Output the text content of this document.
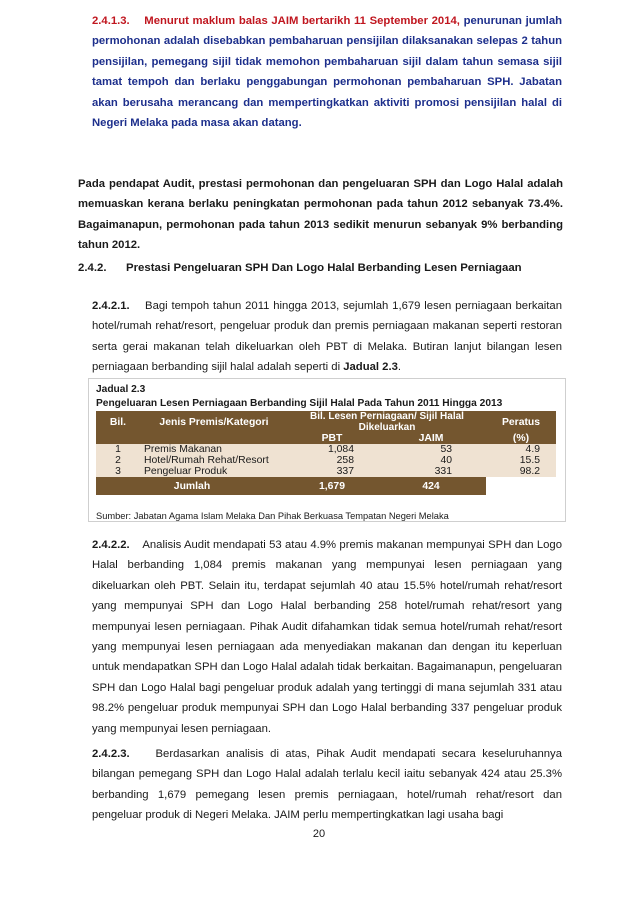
2.4.1.3. Menurut maklum balas JAIM bertarikh 11 September 2014, penurunan jumlah permohonan adalah disebabkan pembaharuan pensijilan dilaksanakan selepas 2 tahun pensijilan, pemegang sijil tidak memohon pembaharuan sijil dalam tahun semasa sijil tamat tempoh dan berlaku penggabungan permohonan pembaharuan SPH. Jabatan akan berusaha merancang dan mempertingkatkan aktiviti promosi pensijilan halal di Negeri Melaka pada masa akan datang.
Pada pendapat Audit, prestasi permohonan dan pengeluaran SPH dan Logo Halal adalah memuaskan kerana berlaku peningkatan permohonan pada tahun 2012 sebanyak 73.4%. Bagaimanapun, permohonan pada tahun 2013 sedikit menurun sebanyak 9% berbanding tahun 2012.
2.4.2. Prestasi Pengeluaran SPH Dan Logo Halal Berbanding Lesen Perniagaan
2.4.2.1. Bagi tempoh tahun 2011 hingga 2013, sejumlah 1,679 lesen perniagaan berkaitan hotel/rumah rehat/resort, pengeluar produk dan premis perniagaan makanan seperti restoran serta gerai makanan telah dikeluarkan oleh PBT di Melaka. Butiran lanjut bilangan lesen perniagaan berbanding sijil halal adalah seperti di Jadual 2.3.
Jadual 2.3
Pengeluaran Lesen Perniagaan Berbanding Sijil Halal Pada Tahun 2011 Hingga 2013
Bil.	Jenis Premis/Kategori	Bil. Lesen Perniagaan/ Sijil Halal Dikeluarkan		Peratus

		PBT	JAIM	(%)
1	Premis Makanan	1,084	53	4.9
2	Hotel/Rumah Rehat/Resort	258	40	15.5
3	Pengeluar Produk	337	331	98.2
Jumlah		1,679	424	
Sumber: Jabatan Agama Islam Melaka Dan Pihak Berkuasa Tempatan Negeri Melaka
2.4.2.2. Analisis Audit mendapati 53 atau 4.9% premis makanan mempunyai SPH dan Logo Halal berbanding 1,084 premis makanan yang mempunyai lesen perniagaan yang dikeluarkan oleh PBT. Selain itu, terdapat sejumlah 40 atau 15.5% hotel/rumah rehat/resort yang mempunyai SPH dan Logo Halal berbanding 258 hotel/rumah rehat/resort yang mempunyai lesen perniagaan. Pihak Audit difahamkan tidak semua hotel/rumah rehat/resort yang mempunyai lesen perniagaan ada menyediakan makanan dan dengan itu keperluan untuk mendapatkan SPH dan Logo Halal adalah tidak berkaitan. Bagaimanapun, pengeluaran SPH dan Logo Halal bagi pengeluar produk adalah yang tertinggi di mana sejumlah 331 atau 98.2% pengeluar produk mempunyai SPH dan Logo Halal berbanding 337 pengeluar produk yang mempunyai lesen perniagaan.
2.4.2.3. Berdasarkan analisis di atas, Pihak Audit mendapati secara keseluruhannya bilangan pemegang SPH dan Logo Halal adalah terlalu kecil iaitu sebanyak 424 atau 25.3% berbanding 1,679 pemegang lesen premis perniagaan, hotel/rumah rehat/resort dan pengeluar produk di Negeri Melaka. JAIM perlu mempertingkatkan lagi usaha bagi
20
